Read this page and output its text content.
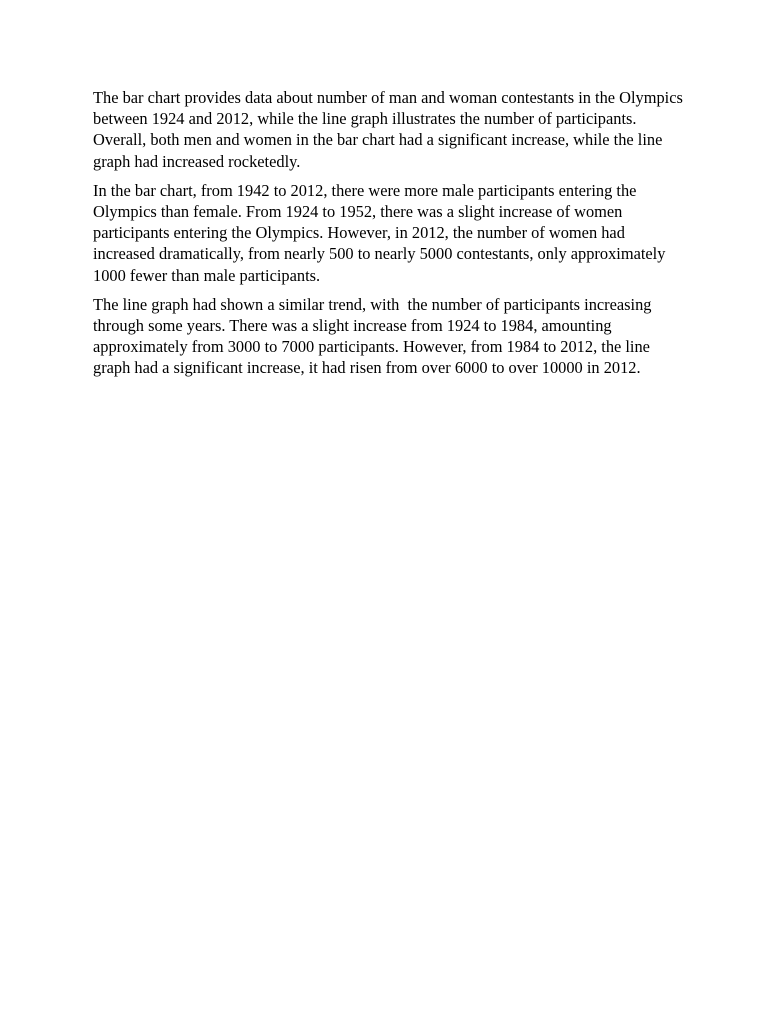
The bar chart provides data about number of man and woman contestants in the Olympics between 1924 and 2012, while the line graph illustrates the number of participants. Overall, both men and women in the bar chart had a significant increase, while the line graph had increased rocketedly.

In the bar chart, from 1942 to 2012, there were more male participants entering the Olympics than female. From 1924 to 1952, there was a slight increase of women participants entering the Olympics. However, in 2012, the number of women had increased dramatically, from nearly 500 to nearly 5000 contestants, only approximately 1000 fewer than male participants.

The line graph had shown a similar trend, with  the number of participants increasing through some years. There was a slight increase from 1924 to 1984, amounting approximately from 3000 to 7000 participants. However, from 1984 to 2012, the line graph had a significant increase, it had risen from over 6000 to over 10000 in 2012.
